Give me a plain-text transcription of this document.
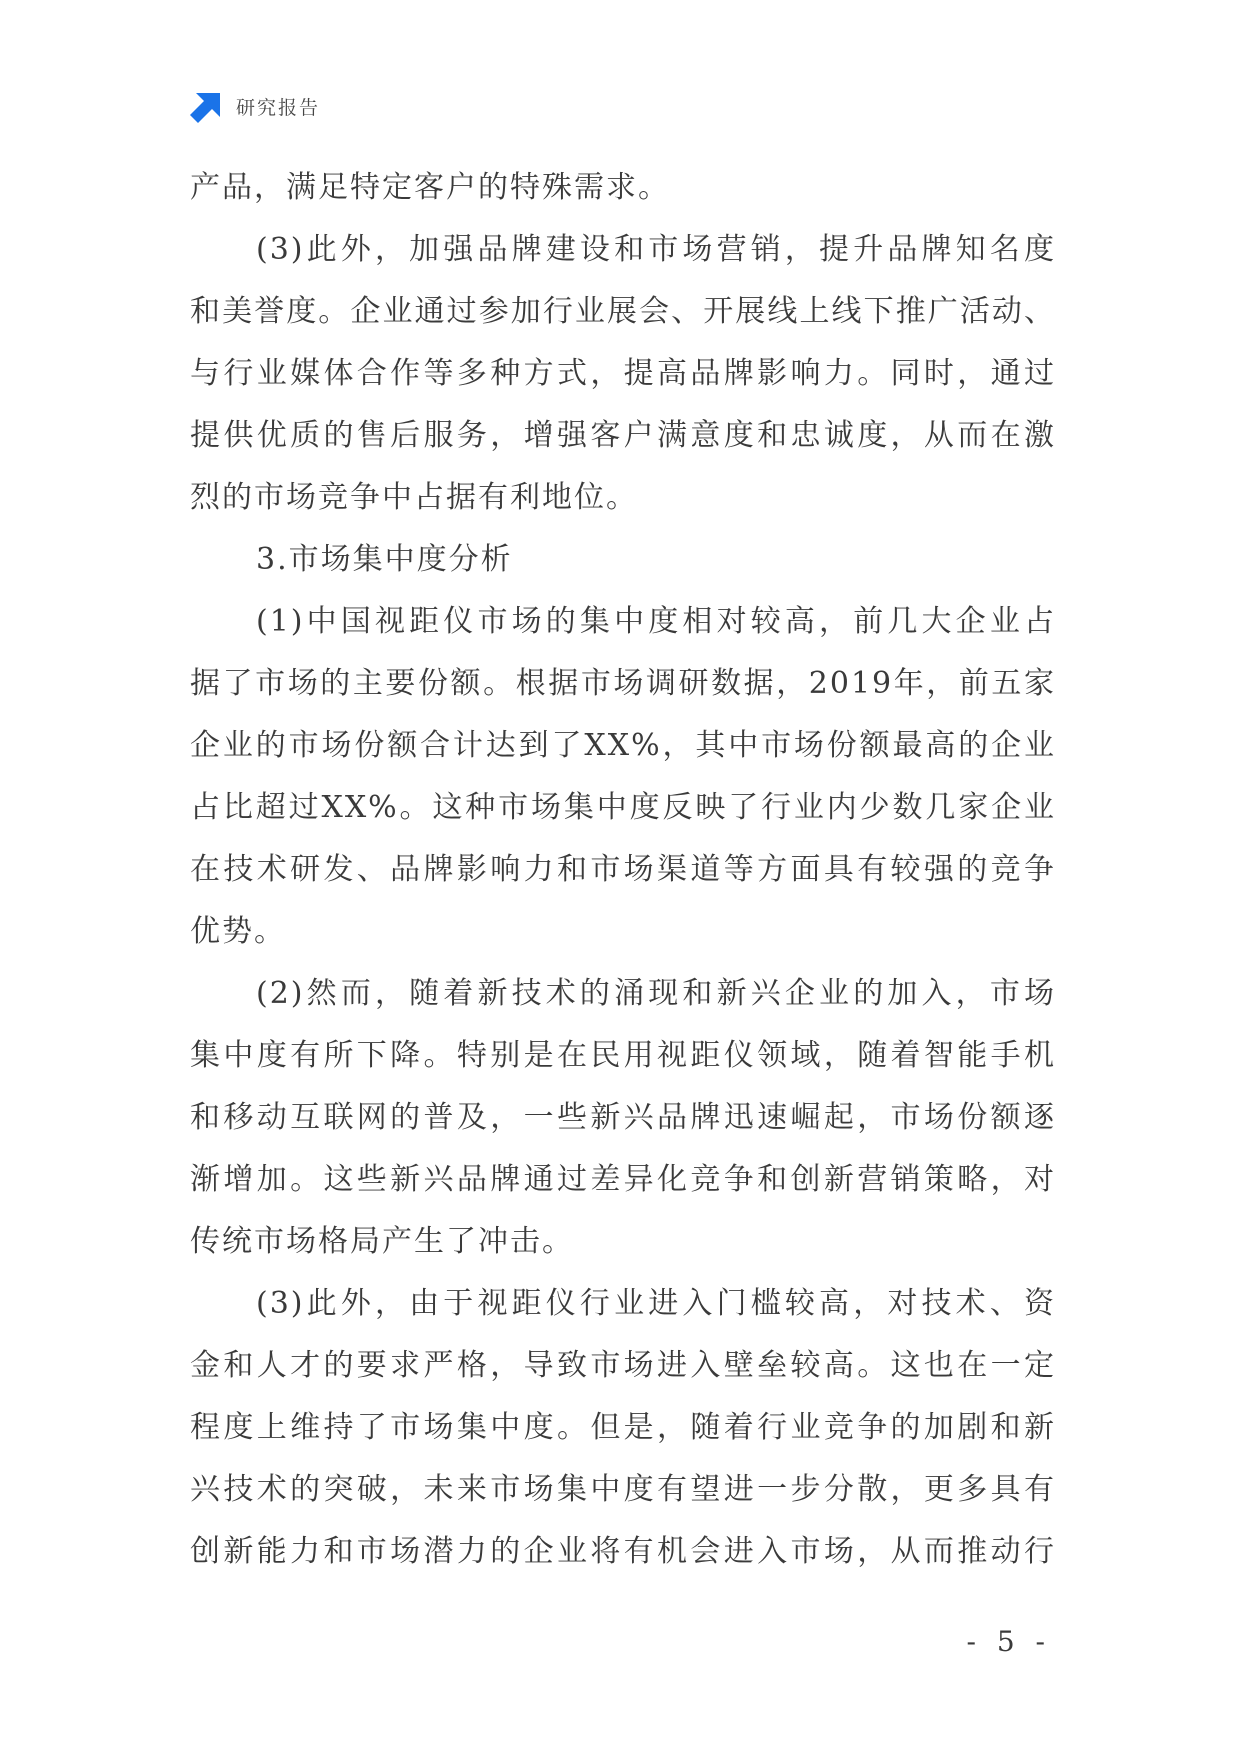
研究报告
产品，满足特定客户的特殊需求。
(3)此外，加强品牌建设和市场营销，提升品牌知名度
和美誉度。企业通过参加行业展会、开展线上线下推广活动、
与行业媒体合作等多种方式，提高品牌影响力。同时，通过
提供优质的售后服务，增强客户满意度和忠诚度，从而在激
烈的市场竞争中占据有利地位。
3.市场集中度分析
(1)中国视距仪市场的集中度相对较高，前几大企业占
据了市场的主要份额。根据市场调研数据，2019年，前五家
企业的市场份额合计达到了XX%，其中市场份额最高的企业
占比超过XX%。这种市场集中度反映了行业内少数几家企业
在技术研发、品牌影响力和市场渠道等方面具有较强的竞争
优势。
(2)然而，随着新技术的涌现和新兴企业的加入，市场
集中度有所下降。特别是在民用视距仪领域，随着智能手机
和移动互联网的普及，一些新兴品牌迅速崛起，市场份额逐
渐增加。这些新兴品牌通过差异化竞争和创新营销策略，对
传统市场格局产生了冲击。
(3)此外，由于视距仪行业进入门槛较高，对技术、资
金和人才的要求严格，导致市场进入壁垒较高。这也在一定
程度上维持了市场集中度。但是，随着行业竞争的加剧和新
兴技术的突破，未来市场集中度有望进一步分散，更多具有
创新能力和市场潜力的企业将有机会进入市场，从而推动行
- 5 -
